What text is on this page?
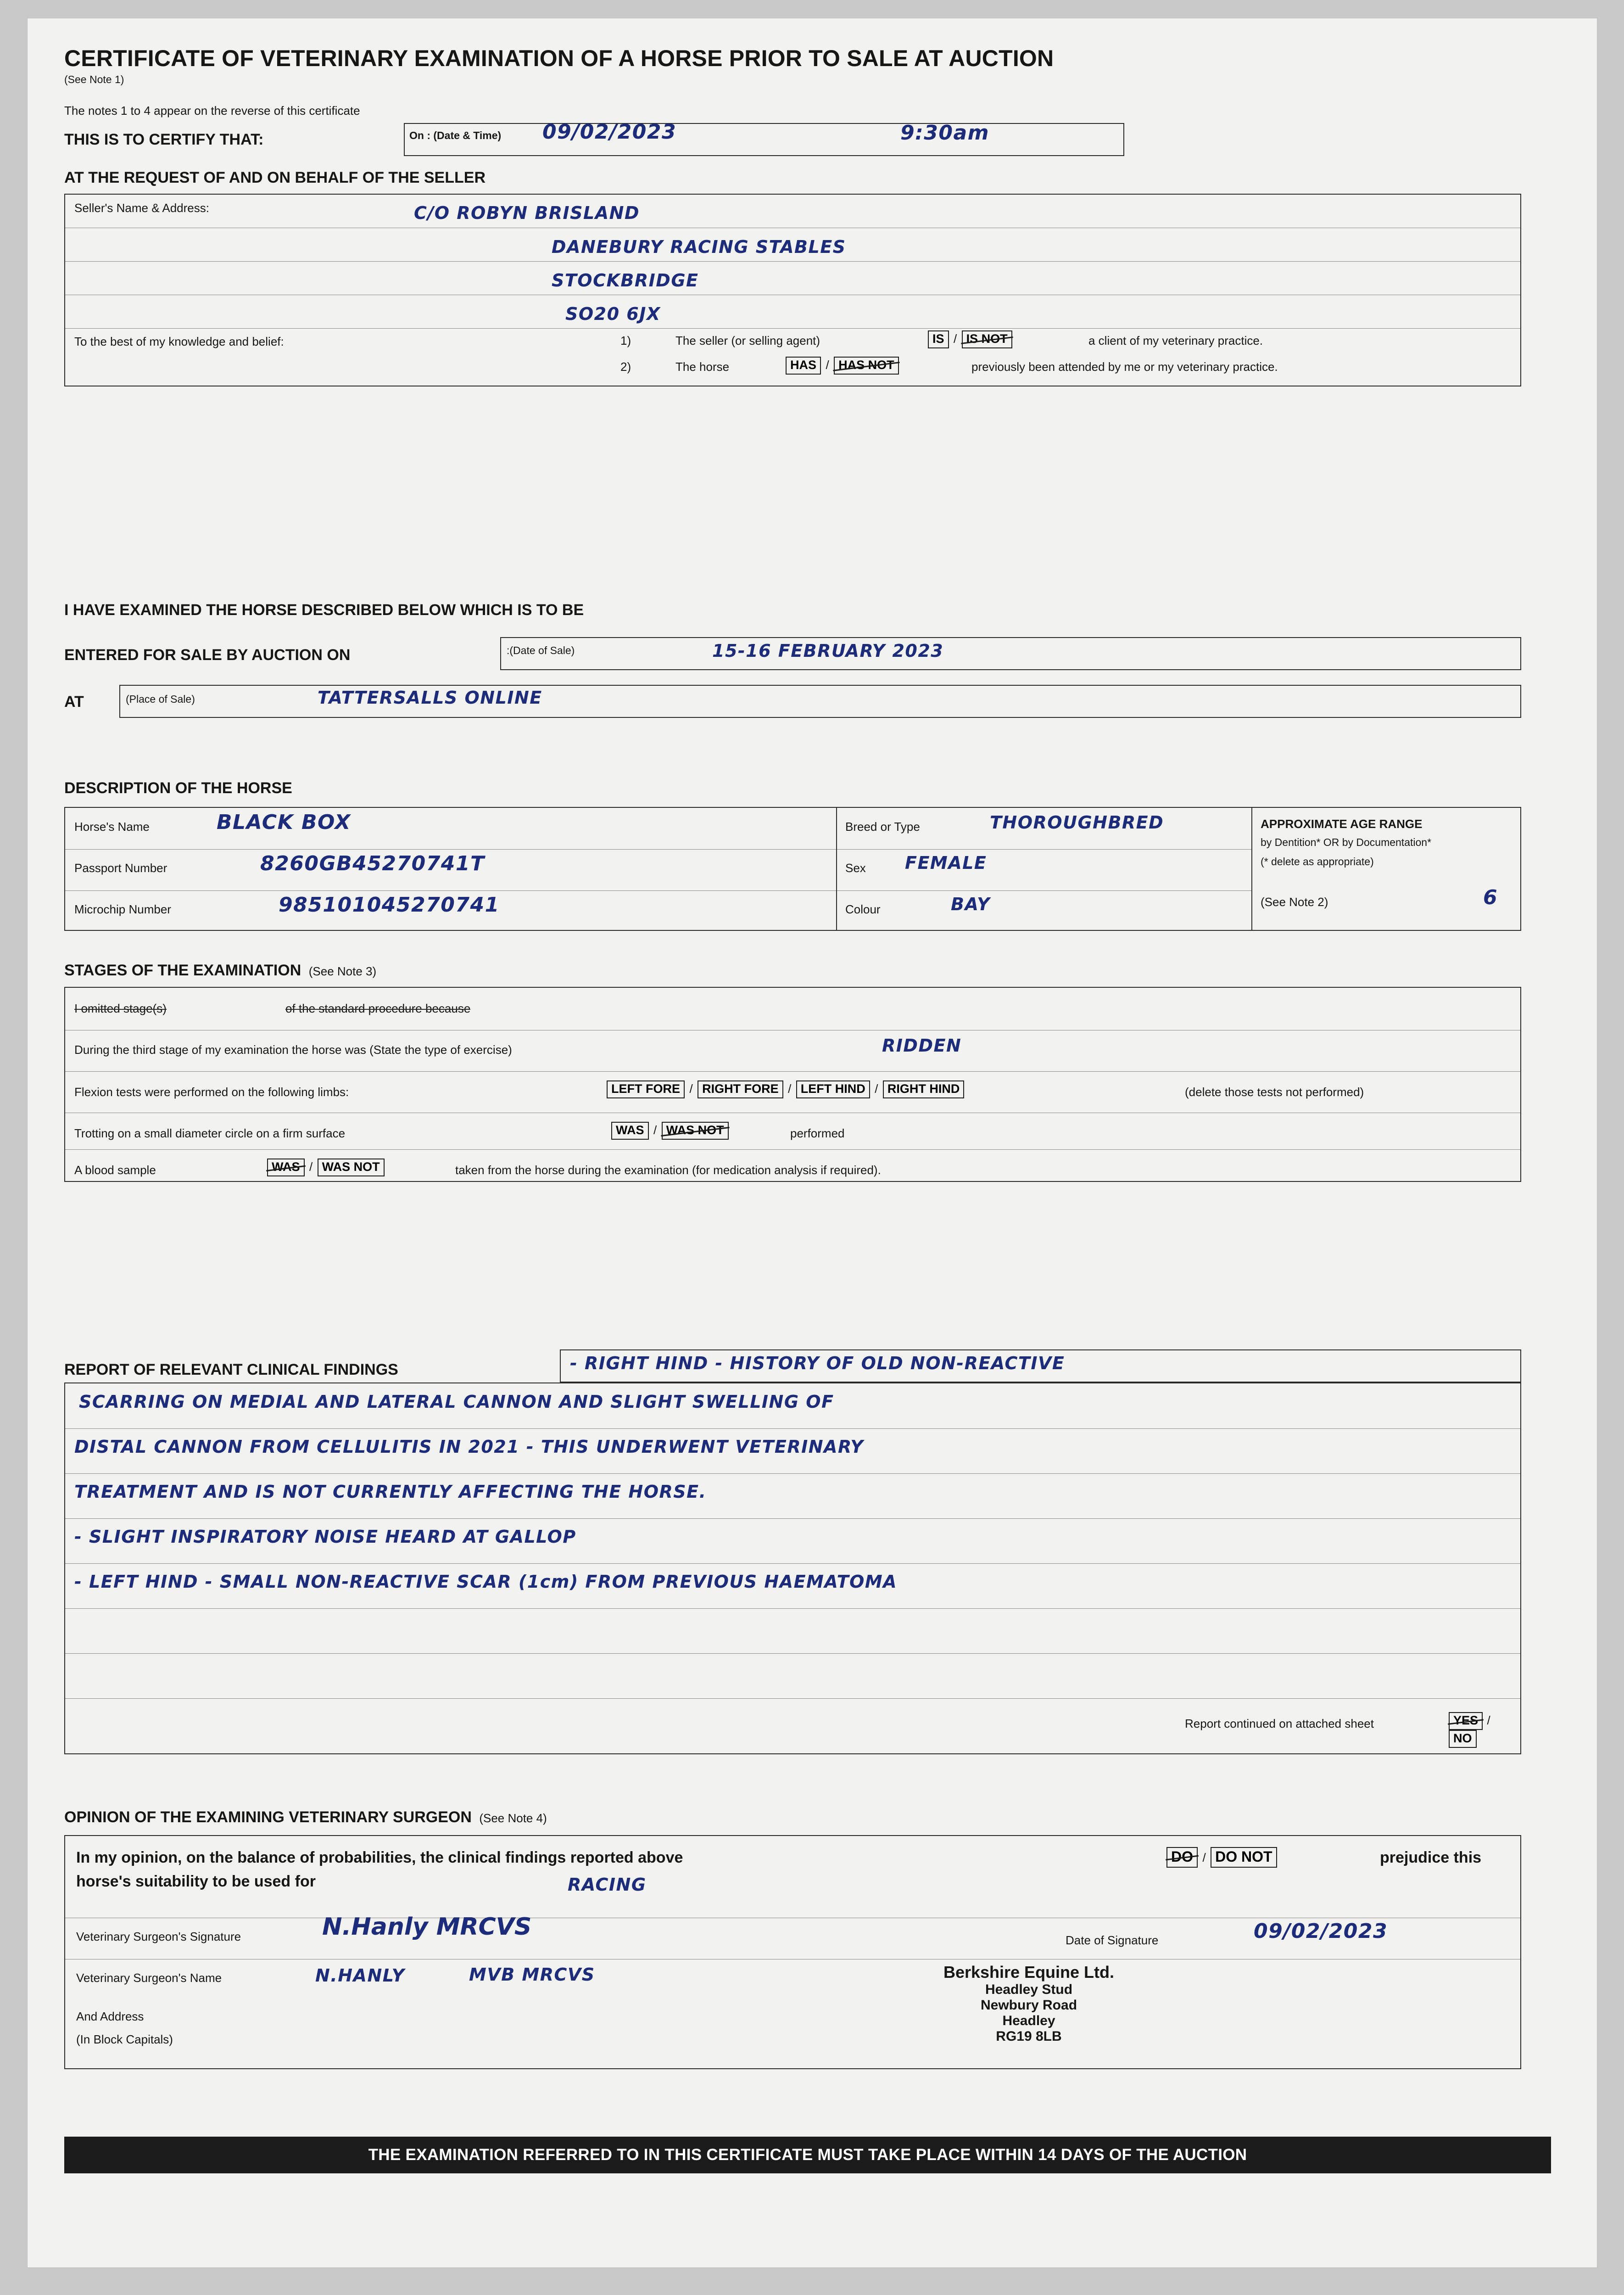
CERTIFICATE OF VETERINARY EXAMINATION OF A HORSE PRIOR TO SALE AT AUCTION
(See Note 1)
The notes 1 to 4 appear on the reverse of this certificate
THIS IS TO CERTIFY THAT:	On : (Date & Time) 09/02/2023	9:30am
AT THE REQUEST OF AND ON BEHALF OF THE SELLER
Seller's Name & Address:	C/O ROBYN BRISLAND
DANEBURY RACING STABLES
STOCKBRIDGE
SO20 6JX
To the best of my knowledge and belief:	1)	The seller (or selling agent)	IS / IS NOT	a client of my veterinary practice.
2)	The horse	HAS / HAS NOT	previously been attended by me or my veterinary practice.
I HAVE EXAMINED THE HORSE DESCRIBED BELOW WHICH IS TO BE
ENTERED FOR SALE BY AUCTION ON	:(Date of Sale)	15-16 FEBRUARY 2023
AT	(Place of Sale)	TATTERSALLS ONLINE
DESCRIPTION OF THE HORSE
Horse's Name	BLACK BOX
Passport Number	8260GB45270741T
Microchip Number	985101045270741
Breed or Type	THOROUGHBRED
Sex FEMALE
Colour	BAY
APPROXIMATE AGE RANGE
by Dentition* OR by Documentation*
(* delete as appropriate)
(See Note 2)	6
STAGES OF THE EXAMINATION (See Note 3)
I omitted stage(s)	of the standard procedure because
During the third stage of my examination the horse was (State the type of exercise)	RIDDEN
Flexion tests were performed on the following limbs:	LEFT FORE / RIGHT FORE / LEFT HIND / RIGHT HIND	(delete those tests not performed)
Trotting on a small diameter circle on a firm surface	WAS / WAS NOT	performed
A blood sample	WAS / WAS NOT	taken from the horse during the examination (for medication analysis if required).
REPORT OF RELEVANT CLINICAL FINDINGS	- RIGHT HIND - HISTORY OF OLD NON-REACTIVE
SCARRING ON MEDIAL AND LATERAL CANNON AND SLIGHT SWELLING OF
DISTAL CANNON FROM CELLULITIS IN 2021 - THIS UNDERWENT VETERINARY
TREATMENT AND IS NOT CURRENTLY AFFECTING THE HORSE.
- SLIGHT INSPIRATORY NOISE HEARD AT GALLOP
- LEFT HIND - SMALL NON-REACTIVE SCAR (1cm) FROM PREVIOUS HAEMATOMA
Report continued on attached sheet	YES / NO
OPINION OF THE EXAMINING VETERINARY SURGEON (See Note 4)
In my opinion, on the balance of probabilities, the clinical findings reported above	DO / DO NOT	prejudice this
horse's suitability to be used for	RACING
Veterinary Surgeon's Signature	N.Hanly MRCVS	Date of Signature	09/02/2023
Veterinary Surgeon's Name	N.HANLY	MVB MRCVS
And Address
(In Block Capitals)
Berkshire Equine Ltd.
Headley Stud
Newbury Road
Headley
RG19 8LB
THE EXAMINATION REFERRED TO IN THIS CERTIFICATE MUST TAKE PLACE WITHIN 14 DAYS OF THE AUCTION
